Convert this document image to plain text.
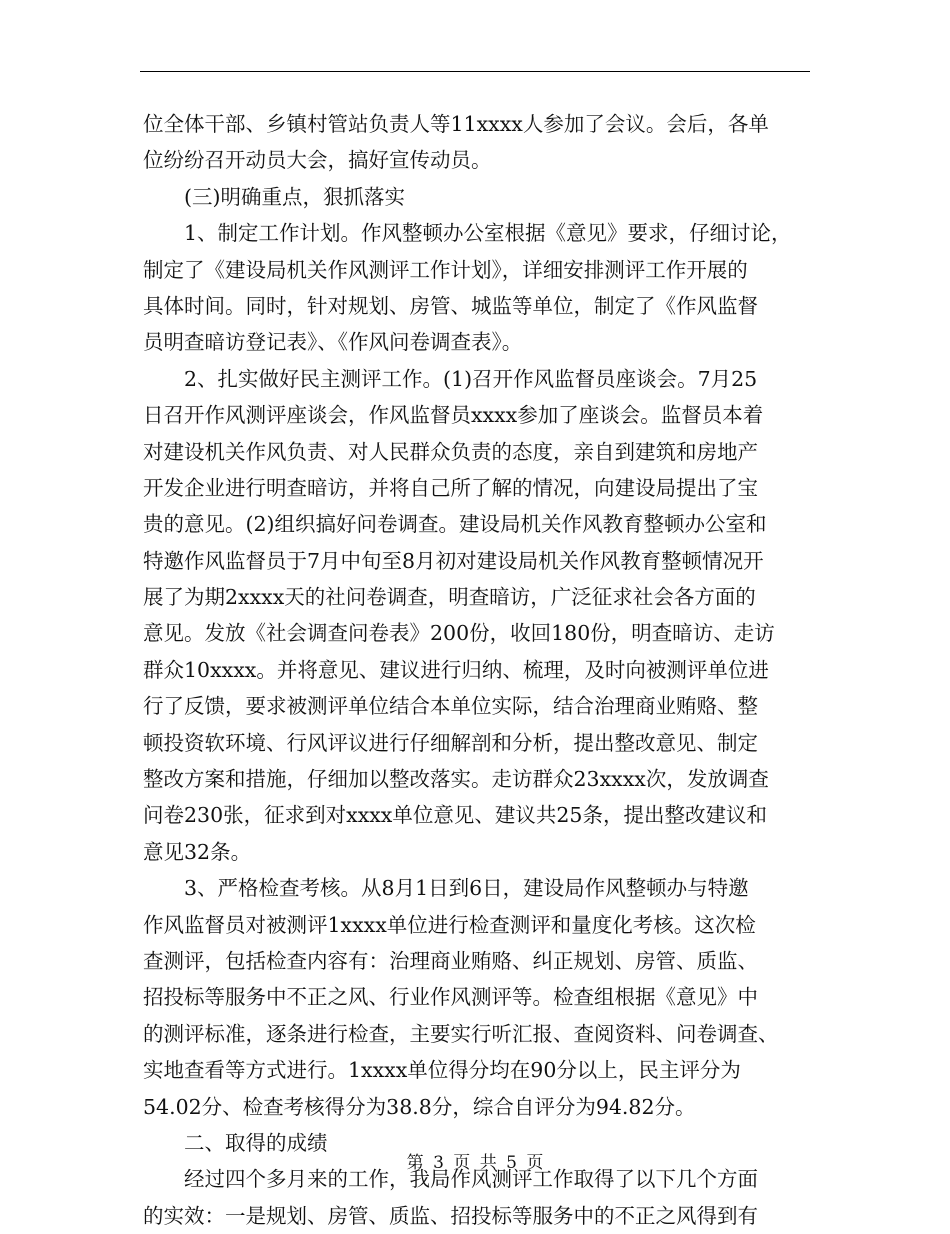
位全体干部、乡镇村管站负责人等11xxxx人参加了会议。会后，各单
位纷纷召开动员大会，搞好宣传动员。
(三)明确重点，狠抓落实
1、制定工作计划。作风整顿办公室根据《意见》要求，仔细讨论，
制定了《建设局机关作风测评工作计划》，详细安排测评工作开展的
具体时间。同时，针对规划、房管、城监等单位，制定了《作风监督
员明查暗访登记表》、《作风问卷调查表》。
2、扎实做好民主测评工作。(1)召开作风监督员座谈会。7月25
日召开作风测评座谈会，作风监督员xxxx参加了座谈会。监督员本着
对建设机关作风负责、对人民群众负责的态度，亲自到建筑和房地产
开发企业进行明查暗访，并将自己所了解的情况，向建设局提出了宝
贵的意见。(2)组织搞好问卷调查。建设局机关作风教育整顿办公室和
特邀作风监督员于7月中旬至8月初对建设局机关作风教育整顿情况开
展了为期2xxxx天的社问卷调查，明查暗访，广泛征求社会各方面的
意见。发放《社会调查问卷表》200份，收回180份，明查暗访、走访
群众10xxxx。并将意见、建议进行归纳、梳理，及时向被测评单位进
行了反馈，要求被测评单位结合本单位实际，结合治理商业贿赂、整
顿投资软环境、行风评议进行仔细解剖和分析，提出整改意见、制定
整改方案和措施，仔细加以整改落实。走访群众23xxxx次，发放调查
问卷230张，征求到对xxxx单位意见、建议共25条，提出整改建议和
意见32条。
3、严格检查考核。从8月1日到6日，建设局作风整顿办与特邀
作风监督员对被测评1xxxx单位进行检查测评和量度化考核。这次检
查测评，包括检查内容有：治理商业贿赂、纠正规划、房管、质监、
招投标等服务中不正之风、行业作风测评等。检查组根据《意见》中
的测评标准，逐条进行检查，主要实行听汇报、查阅资料、问卷调查、
实地查看等方式进行。1xxxx单位得分均在90分以上，民主评分为
54.02分、检查考核得分为38.8分，综合自评分为94.82分。
二、取得的成绩
经过四个多月来的工作，我局作风测评工作取得了以下几个方面
的实效：一是规划、房管、质监、招投标等服务中的不正之风得到有
第 3 页 共 5 页
